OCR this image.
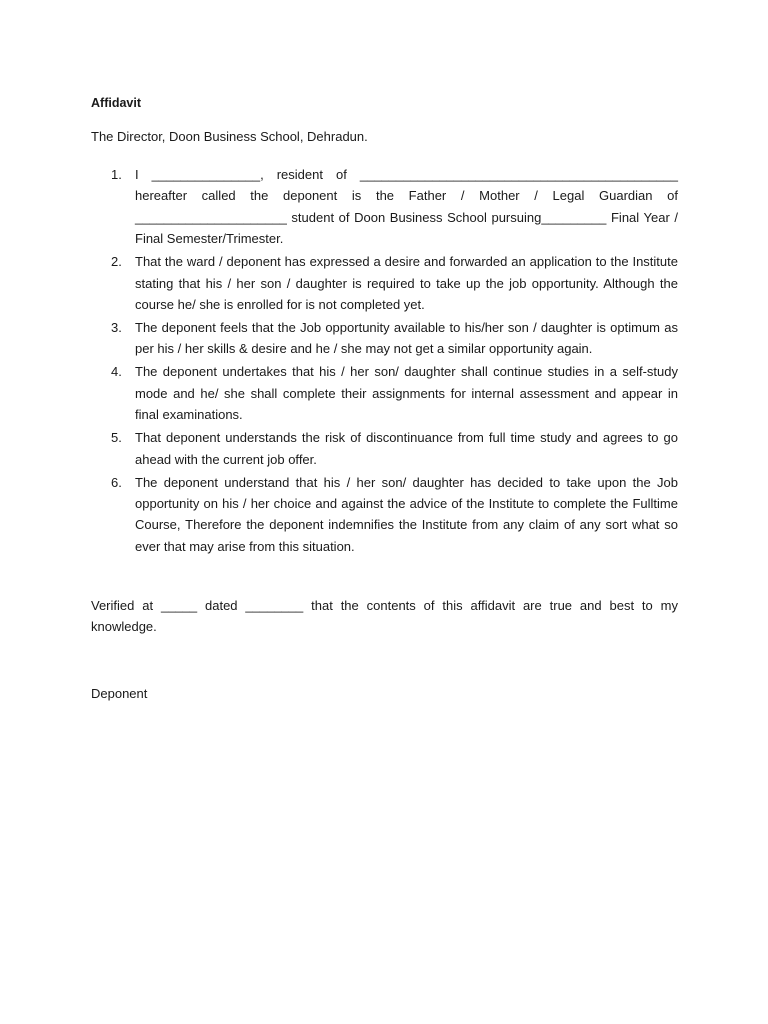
Affidavit
The Director, Doon Business School, Dehradun.
1. I _______________, resident of ____________________________________________ hereafter called the deponent is the Father / Mother / Legal Guardian of _____________________ student of Doon Business School pursuing_________ Final Year / Final Semester/Trimester.
2. That the ward / deponent has expressed a desire and forwarded an application to the Institute stating that his / her son / daughter is required to take up the job opportunity. Although the course he/ she is enrolled for is not completed yet.
3. The deponent feels that the Job opportunity available to his/her son / daughter is optimum as per his / her skills & desire and he / she may not get a similar opportunity again.
4. The deponent undertakes that his / her son/ daughter shall continue studies in a self-study mode and he/ she shall complete their assignments for internal assessment and appear in final examinations.
5. That deponent understands the risk of discontinuance from full time study and agrees to go ahead with the current job offer.
6. The deponent understand that his / her son/ daughter has decided to take upon the Job opportunity on his / her choice and against the advice of the Institute to complete the Fulltime Course, Therefore the deponent indemnifies the Institute from any claim of any sort what so ever that may arise from this situation.
Verified at _____ dated ________ that the contents of this affidavit are true and best to my knowledge.
Deponent
